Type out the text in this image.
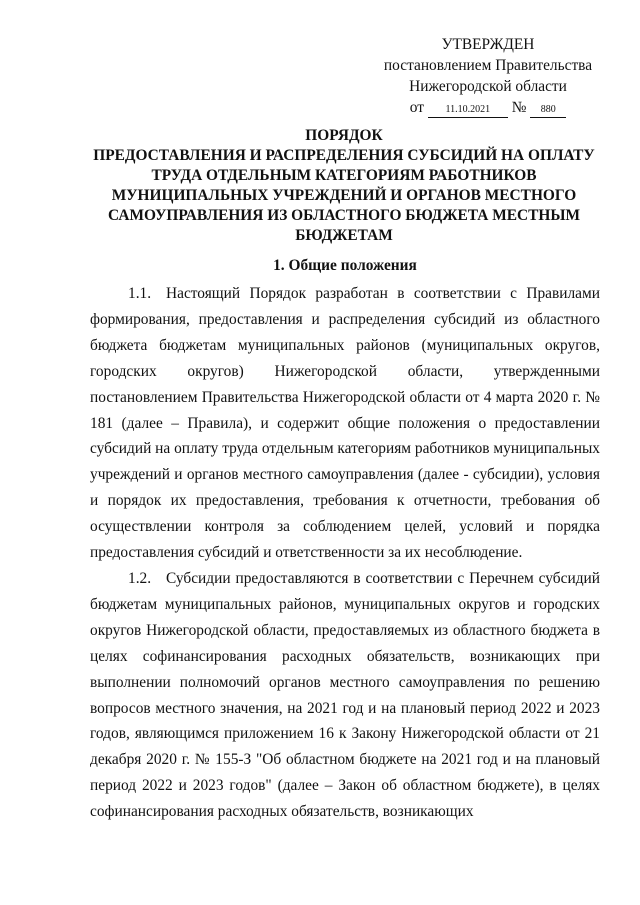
УТВЕРЖДЕН
постановлением Правительства
Нижегородской области
от 11.10.2021 № 880
ПОРЯДОК
ПРЕДОСТАВЛЕНИЯ И РАСПРЕДЕЛЕНИЯ СУБСИДИЙ НА ОПЛАТУ
ТРУДА ОТДЕЛЬНЫМ КАТЕГОРИЯМ РАБОТНИКОВ
МУНИЦИПАЛЬНЫХ УЧРЕЖДЕНИЙ И ОРГАНОВ МЕСТНОГО
САМОУПРАВЛЕНИЯ ИЗ ОБЛАСТНОГО БЮДЖЕТА МЕСТНЫМ
БЮДЖЕТАМ
1. Общие положения

1.1. Настоящий Порядок разработан в соответствии с Правилами формирования, предоставления и распределения субсидий из областного бюджета бюджетам муниципальных районов (муниципальных округов, городских округов) Нижегородской области, утвержденными постановлением Правительства Нижегородской области от 4 марта 2020 г. № 181 (далее – Правила), и содержит общие положения о предоставлении субсидий на оплату труда отдельным категориям работников муниципальных учреждений и органов местного самоуправления (далее - субсидии), условия и порядок их предоставления, требования к отчетности, требования об осуществлении контроля за соблюдением целей, условий и порядка предоставления субсидий и ответственности за их несоблюдение.

1.2. Субсидии предоставляются в соответствии с Перечнем субсидий бюджетам муниципальных районов, муниципальных округов и городских округов Нижегородской области, предоставляемых из областного бюджета в целях софинансирования расходных обязательств, возникающих при выполнении полномочий органов местного самоуправления по решению вопросов местного значения, на 2021 год и на плановый период 2022 и 2023 годов, являющимся приложением 16 к Закону Нижегородской области от 21 декабря 2020 г. № 155-З "Об областном бюджете на 2021 год и на плановый период 2022 и 2023 годов" (далее – Закон об областном бюджете), в целях софинансирования расходных обязательств, возникающих
